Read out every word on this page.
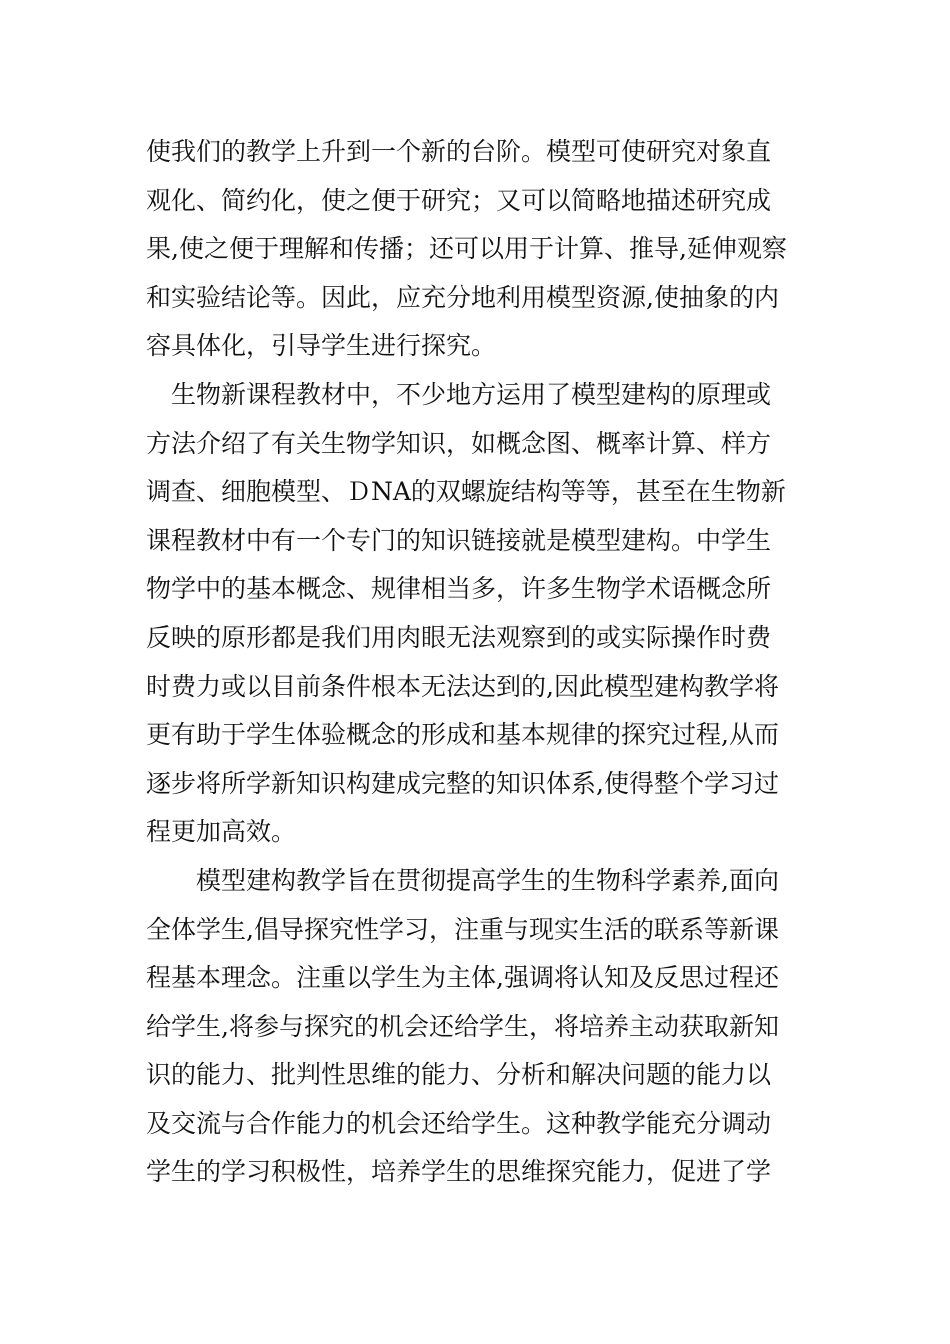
使我们的教学上升到一个新的台阶。模型可使研究对象直
观化、简约化，使之便于研究；又可以简略地描述研究成
果,使之便于理解和传播；还可以用于计算、推导,延伸观察
和实验结论等。因此，应充分地利用模型资源,使抽象的内
容具体化，引导学生进行探究。
　生物新课程教材中，不少地方运用了模型建构的原理或
方法介绍了有关生物学知识，如概念图、概率计算、样方
调查、细胞模型、ＤNA的双螺旋结构等等，甚至在生物新
课程教材中有一个专门的知识链接就是模型建构。中学生
物学中的基本概念、规律相当多，许多生物学术语概念所
反映的原形都是我们用肉眼无法观察到的或实际操作时费
时费力或以目前条件根本无法达到的,因此模型建构教学将
更有助于学生体验概念的形成和基本规律的探究过程,从而
逐步将所学新知识构建成完整的知识体系,使得整个学习过
程更加高效。
　　模型建构教学旨在贯彻提高学生的生物科学素养,面向
全体学生,倡导探究性学习，注重与现实生活的联系等新课
程基本理念。注重以学生为主体,强调将认知及反思过程还
给学生,将参与探究的机会还给学生，将培养主动获取新知
识的能力、批判性思维的能力、分析和解决问题的能力以
及交流与合作能力的机会还给学生。这种教学能充分调动
学生的学习积极性，培养学生的思维探究能力，促进了学
